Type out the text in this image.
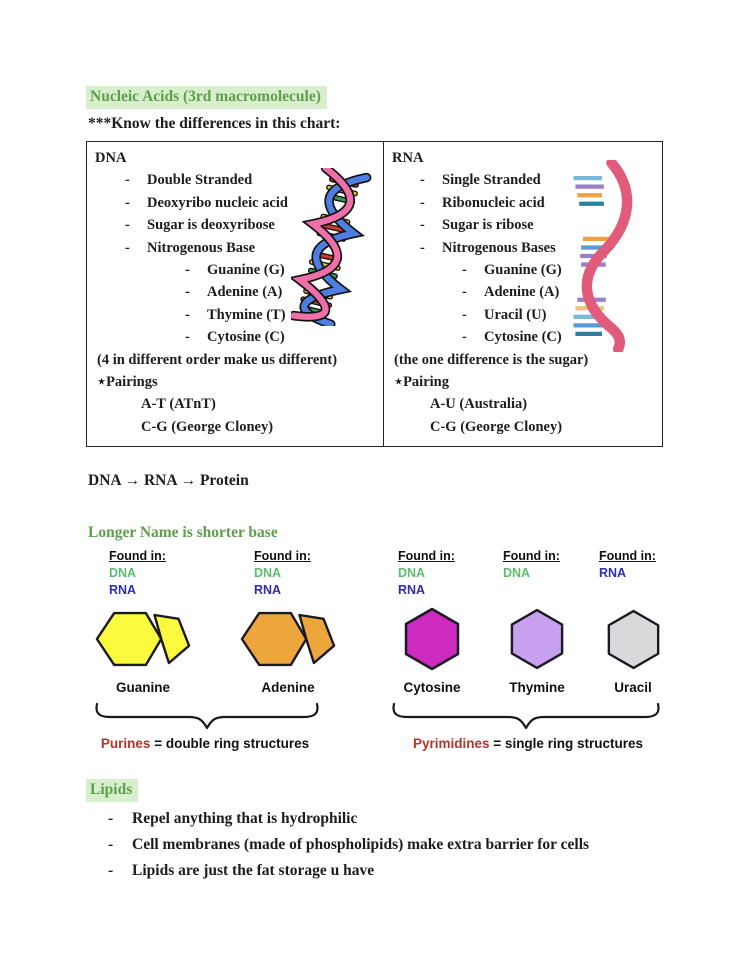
Nucleic Acids (3rd macromolecule)
***Know the differences in this chart:
DNA
-	Double Stranded
-	Deoxyribo nucleic acid
-	Sugar is deoxyribose
-	Nitrogenous Base
-	Guanine (G)
-	Adenine (A)
-	Thymine (T)
-	Cytosine (C)
(4 in different order make us different)
⋆Pairings
A-T (ATnT)
C-G (George Cloney)
RNA
-	Single Stranded
-	Ribonucleic acid
-	Sugar is ribose
-	Nitrogenous Bases
-	Guanine (G)
-	Adenine (A)
-	Uracil (U)
-	Cytosine (C)
(the one difference is the sugar)
⋆Pairing
A-U (Australia)
C-G (George Cloney)
DNA → RNA → Protein
Longer Name is shorter base
Found in:
DNA
RNA
Guanine
Found in:
DNA
RNA
Adenine
Found in:
DNA
RNA
Cytosine
Found in:
DNA
Thymine
Found in:
RNA
Uracil
Purines = double ring structures	Pyrimidines = single ring structures
Lipids
-	Repel anything that is hydrophilic
-	Cell membranes (made of phospholipids) make extra barrier for cells
-	Lipids are just the fat storage u have
